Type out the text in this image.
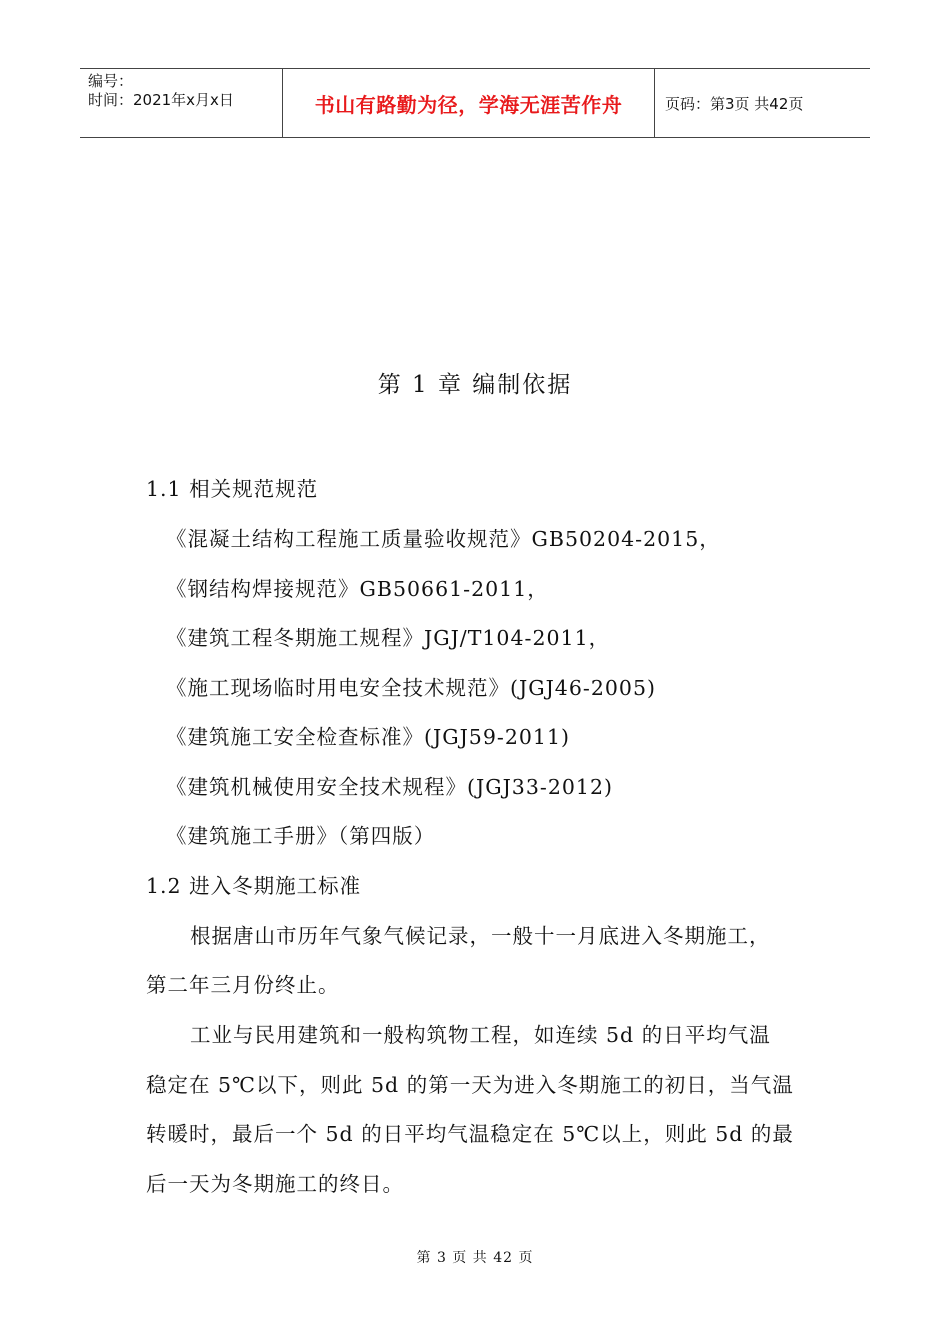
编号：
时间：2021年x月x日	书山有路勤为径，学海无涯苦作舟	页码：第3页 共42页
第 1 章 编制依据
1.1 相关规范规范
《混凝土结构工程施工质量验收规范》GB50204-2015，
《钢结构焊接规范》GB50661-2011，
《建筑工程冬期施工规程》JGJ/T104-2011，
《施工现场临时用电安全技术规范》(JGJ46-2005)
《建筑施工安全检查标准》(JGJ59-2011)
《建筑机械使用安全技术规程》(JGJ33-2012)
《建筑施工手册》（第四版）
1.2 进入冬期施工标准
根据唐山市历年气象气候记录，一般十一月底进入冬期施工，
第二年三月份终止。
工业与民用建筑和一般构筑物工程，如连续 5d 的日平均气温
稳定在 5℃以下，则此 5d 的第一天为进入冬期施工的初日，当气温
转暖时，最后一个 5d 的日平均气温稳定在 5℃以上，则此 5d 的最
后一天为冬期施工的终日。
第 3 页 共 42 页
